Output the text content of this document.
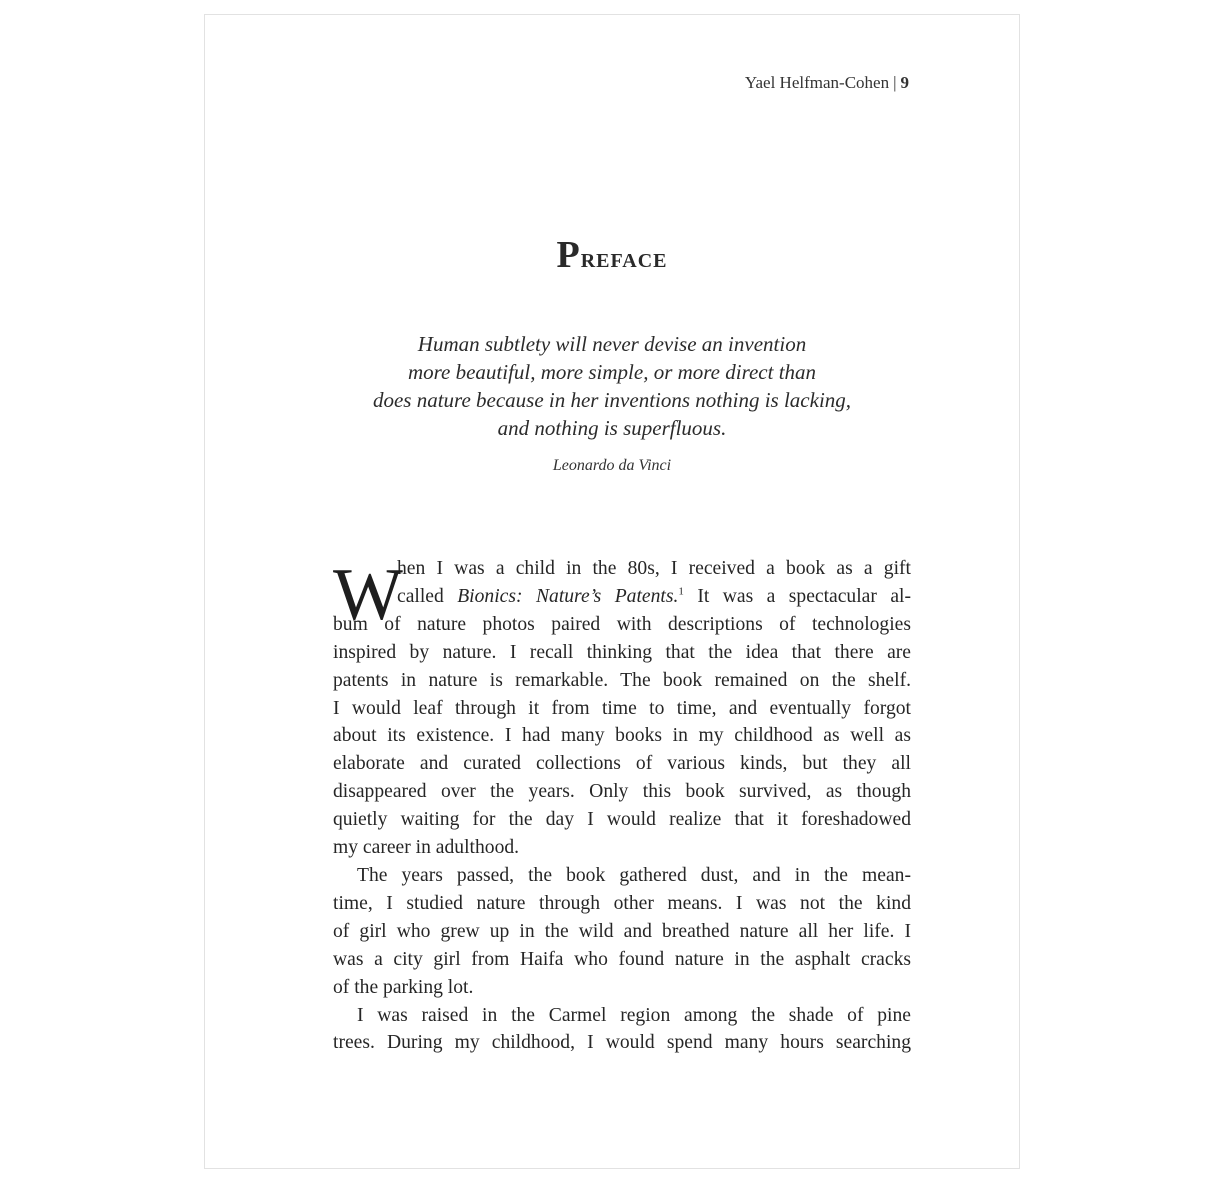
Yael Helfman-Cohen | 9
Preface
Human subtlety will never devise an invention
more beautiful, more simple, or more direct than
does nature because in her inventions nothing is lacking,
and nothing is superfluous.
Leonardo da Vinci
W
hen I was a child in the 80s, I received a book as a gift
called Bionics: Nature’s Patents.$^1$ It was a spectacular al-
bum of nature photos paired with descriptions of technologies
inspired by nature. I recall thinking that the idea that there are
patents in nature is remarkable. The book remained on the shelf.
I would leaf through it from time to time, and eventually forgot
about its existence. I had many books in my childhood as well as
elaborate and curated collections of various kinds, but they all
disappeared over the years. Only this book survived, as though
quietly waiting for the day I would realize that it foreshadowed
my career in adulthood.
The years passed, the book gathered dust, and in the mean-
time, I studied nature through other means. I was not the kind
of girl who grew up in the wild and breathed nature all her life. I
was a city girl from Haifa who found nature in the asphalt cracks
of the parking lot.
I was raised in the Carmel region among the shade of pine
trees. During my childhood, I would spend many hours searching
